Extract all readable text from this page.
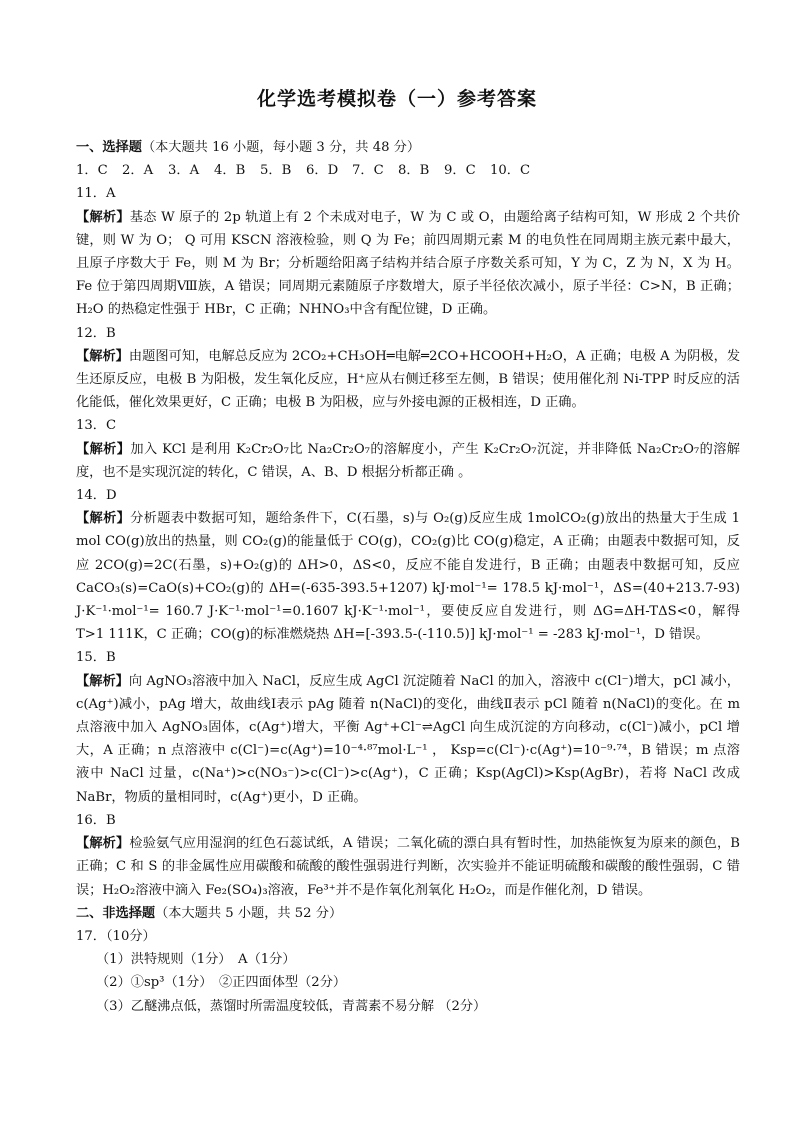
化学选考模拟卷（一）参考答案

一、选择题（本大题共 16 小题，每小题 3 分，共 48 分）

1．C 2．A 3．A 4．B 5．B 6．D 7．C 8．B 9．C 10．C

11．A

【解析】基态 W 原子的 2p 轨道上有 2 个未成对电子，W 为 C 或 O，由题给离子结构可知，W 形成 2 个共价键，则 W 为 O； Q 可用 KSCN 溶液检验，则 Q 为 Fe；前四周期元素 M 的电负性在同周期主族元素中最大，且原子序数大于 Fe，则 M 为 Br；分析题给阳离子结构并结合原子序数关系可知，Y 为 C，Z 为 N，X 为 H。Fe 位于第四周期Ⅷ族，A 错误；同周期元素随原子序数增大，原子半径依次减小，原子半径：C>N，B 正确；H₂O 的热稳定性强于 HBr，C 正确；NHNO₃中含有配位键，D 正确。

12．B

【解析】由题图可知，电解总反应为 2CO₂+CH₃OH═电解═2CO+HCOOH+H₂O，A 正确；电极 A 为阴极，发生还原反应，电极 B 为阳极，发生氧化反应，H⁺应从右侧迁移至左侧，B 错误；使用催化剂 Ni-TPP 时反应的活化能低，催化效果更好，C 正确；电极 B 为阳极，应与外接电源的正极相连，D 正确。

13．C

【解析】加入 KCl 是利用 K₂Cr₂O₇比 Na₂Cr₂O₇的溶解度小，产生 K₂Cr₂O₇沉淀，并非降低 Na₂Cr₂O₇的溶解度，也不是实现沉淀的转化，C 错误，A、B、D 根据分析都正确 。

14．D

【解析】分析题表中数据可知，题给条件下，C(石墨，s)与 O₂(g)反应生成 1molCO₂(g)放出的热量大于生成 1 mol CO(g)放出的热量，则 CO₂(g)的能量低于 CO(g)，CO₂(g)比 CO(g)稳定，A 正确；由题表中数据可知，反应 2CO(g)=2C(石墨，s)+O₂(g)的 ΔH>0，ΔS<0，反应不能自发进行，B 正确；由题表中数据可知，反应 CaCO₃(s)=CaO(s)+CO₂(g)的 ΔH=(-635-393.5+1207) kJ·mol⁻¹= 178.5 kJ·mol⁻¹，ΔS=(40+213.7-93) J·K⁻¹·mol⁻¹= 160.7 J·K⁻¹·mol⁻¹=0.1607 kJ·K⁻¹·mol⁻¹，要使反应自发进行，则 ΔG=ΔH-TΔS<0，解得 T>1 111K，C 正确；CO(g)的标准燃烧热 ΔH=[-393.5-(-110.5)] kJ·mol⁻¹ = -283 kJ·mol⁻¹，D 错误。

15．B

【解析】向 AgNO₃溶液中加入 NaCl，反应生成 AgCl 沉淀随着 NaCl 的加入，溶液中 c(Cl⁻)增大，pCl 减小，c(Ag⁺)减小，pAg 增大，故曲线Ⅰ表示 pAg 随着 n(NaCl)的变化，曲线Ⅱ表示 pCl 随着 n(NaCl)的变化。在 m 点溶液中加入 AgNO₃固体，c(Ag⁺)增大，平衡 Ag⁺+Cl⁻⇌AgCl 向生成沉淀的方向移动，c(Cl⁻)减小，pCl 增大，A 正确；n 点溶液中 c(Cl⁻)=c(Ag⁺)=10⁻⁴·⁸⁷mol·L⁻¹ ， Ksp=c(Cl⁻)·c(Ag⁺)=10⁻⁹·⁷⁴，B 错误；m 点溶液中 NaCl 过量，c(Na⁺)>c(NO₃⁻)>c(Cl⁻)>c(Ag⁺)，C 正确；Ksp(AgCl)>Ksp(AgBr)，若将 NaCl 改成 NaBr，物质的量相同时，c(Ag⁺)更小，D 正确。

16．B

【解析】检验氨气应用湿润的红色石蕊试纸，A 错误；二氧化硫的漂白具有暂时性，加热能恢复为原来的颜色，B 正确；C 和 S 的非金属性应用碳酸和硫酸的酸性强弱进行判断，次实验并不能证明硫酸和碳酸的酸性强弱，C 错误；H₂O₂溶液中滴入 Fe₂(SO₄)₃溶液，Fe³⁺并不是作氧化剂氧化 H₂O₂，而是作催化剂，D 错误。

二、非选择题（本大题共 5 小题，共 52 分）

17．（10分）

（1）洪特规则（1分）　A（1分）

（2）①sp³（1分）　②正四面体型（2分）

（3）乙醚沸点低，蒸馏时所需温度较低，青蒿素不易分解 （2分）
